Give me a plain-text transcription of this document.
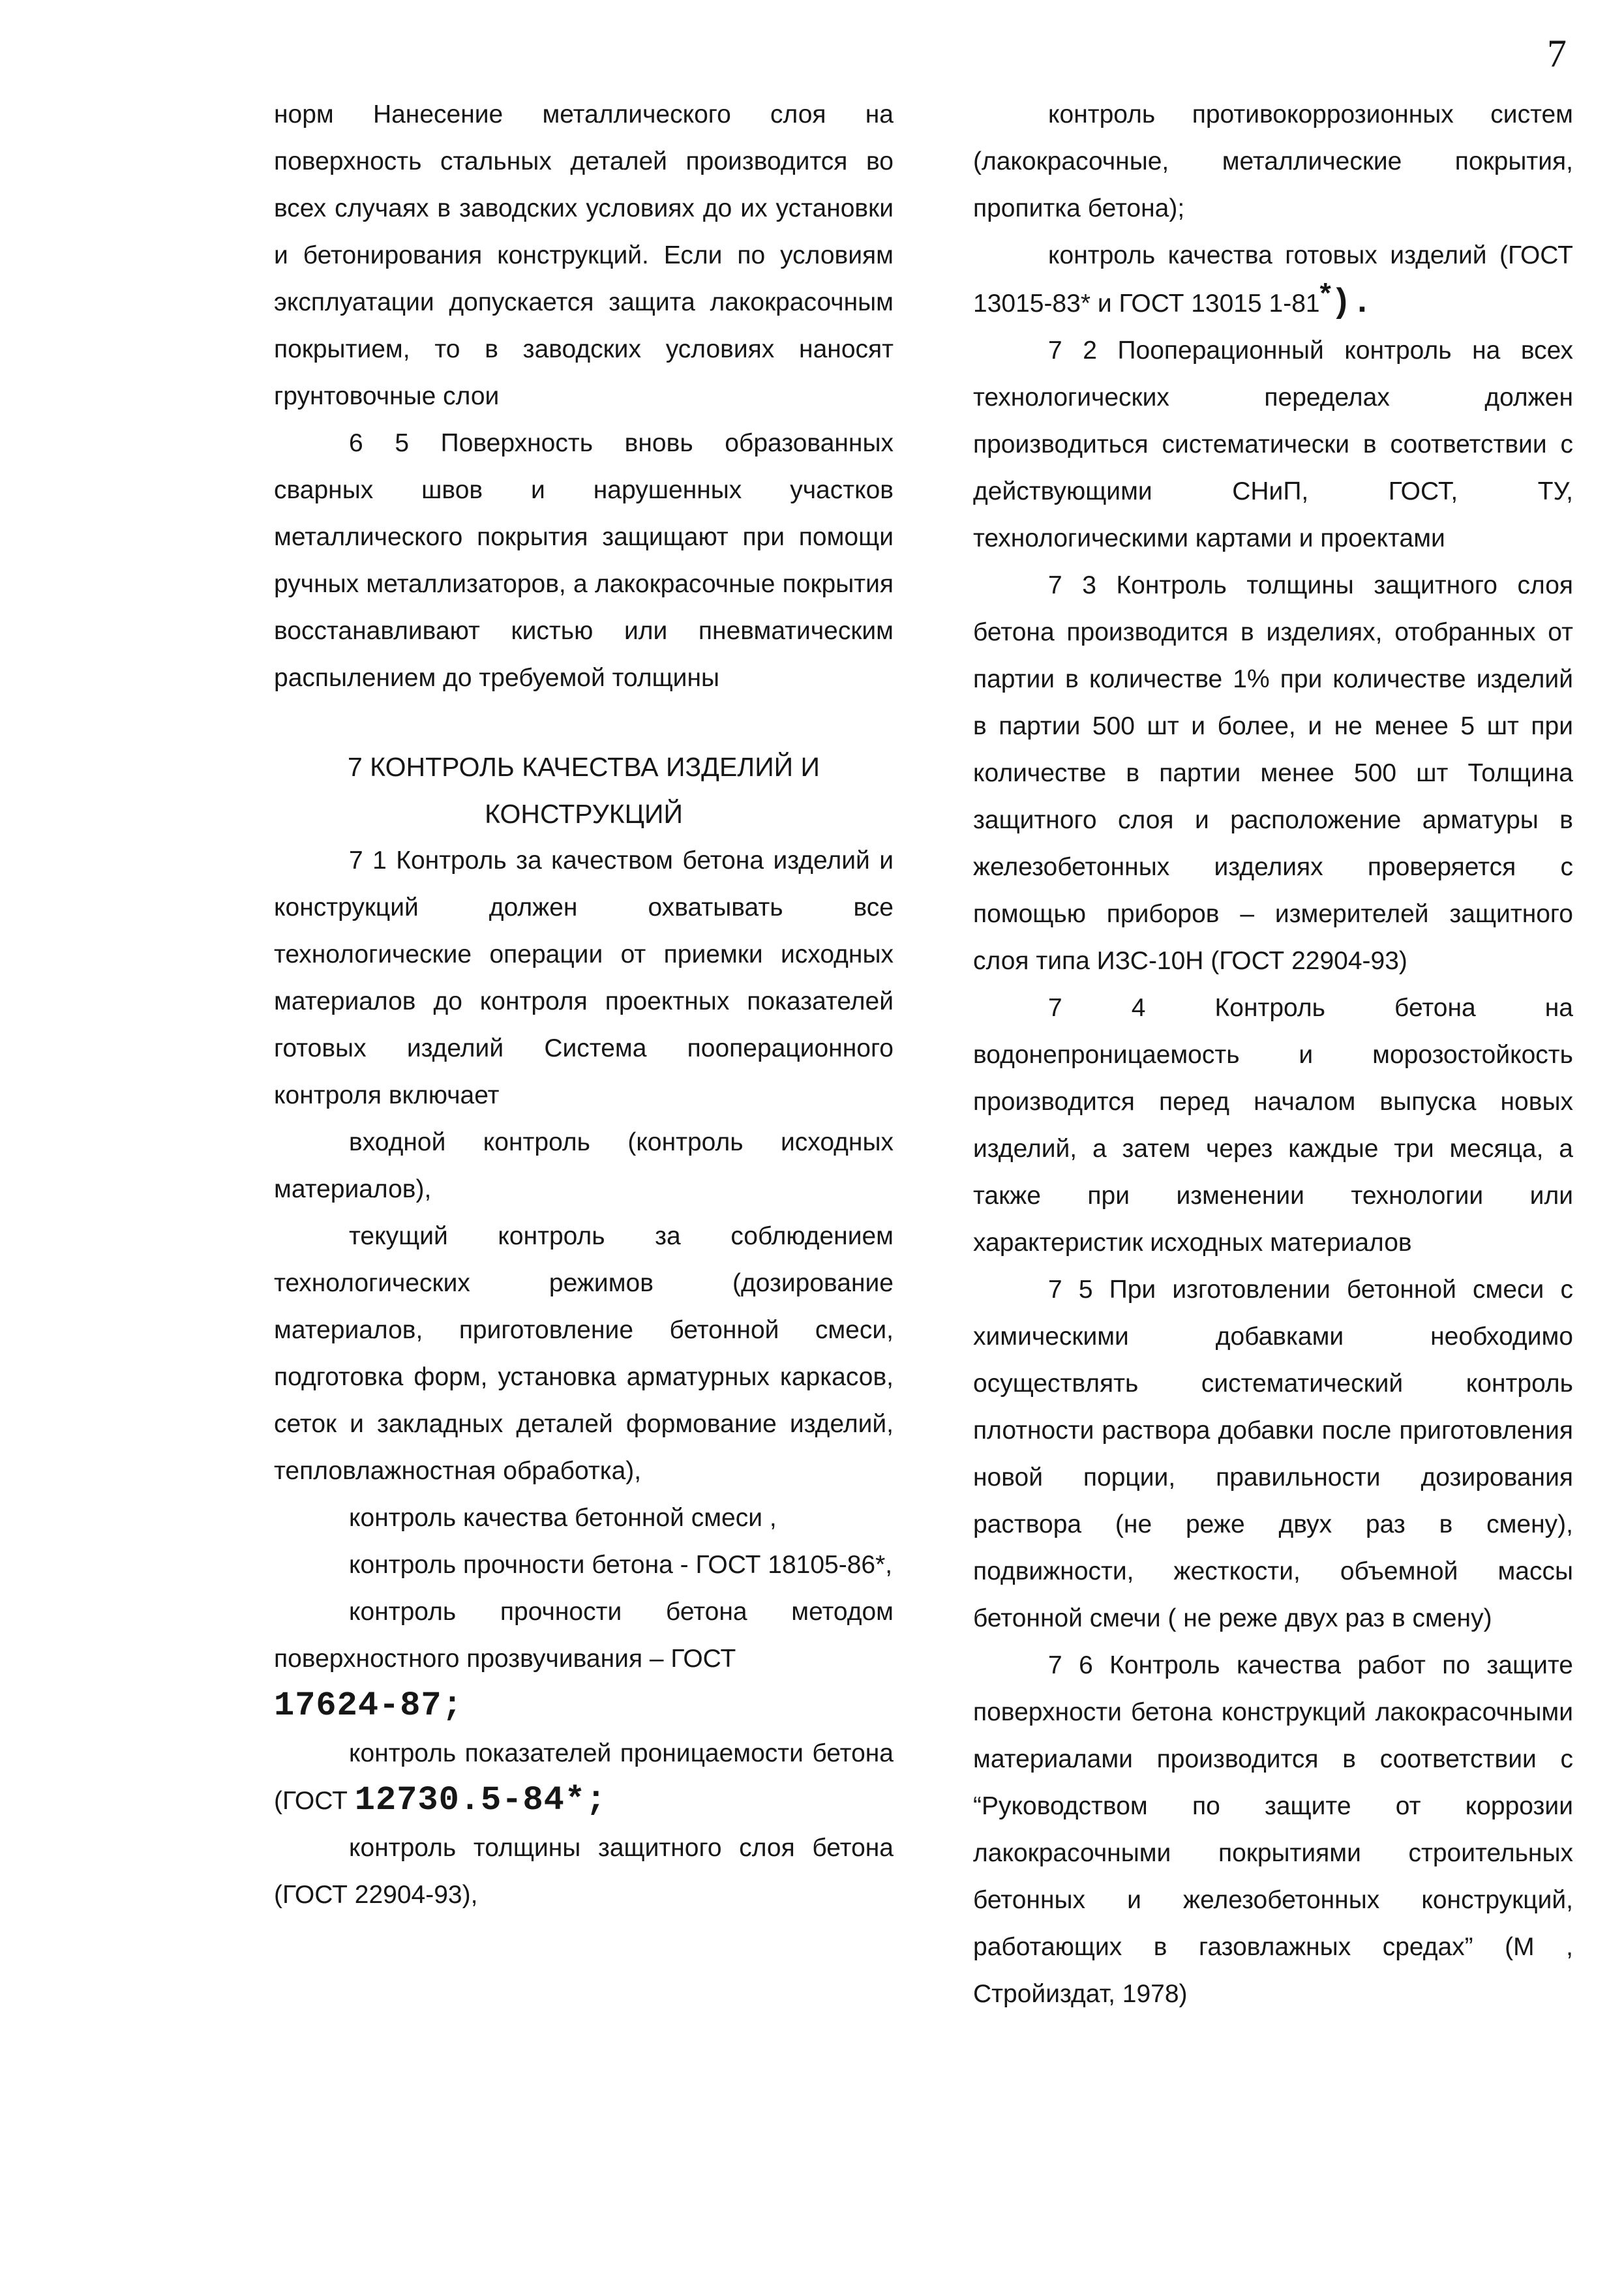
7

норм Нанесение металлического слоя на поверхность стальных деталей производится во всех случаях в заводских условиях до их установки и бетонирования конструкций. Если по условиям эксплуатации допускается защита лакокрасочным покрытием, то в заводских условиях наносят грунтовочные слои

6 5 Поверхность вновь образованных сварных швов и нарушенных участков металлического покрытия защищают при помощи ручных металлизаторов, а лакокрасочные покрытия восстанавливают кистью или пневматическим распылением до требуемой толщины

7 КОНТРОЛЬ КАЧЕСТВА ИЗДЕЛИЙ И КОНСТРУКЦИЙ

7 1 Контроль за качеством бетона изделий и конструкций должен охватывать все технологические операции от приемки исходных материалов до контроля проектных показателей готовых изделий Система пооперационного контроля включает

входной контроль (контроль исходных материалов),

текущий контроль за соблюдением технологических режимов (дозирование материалов, приготовление бетонной смеси, подготовка форм, установка арматурных каркасов, сеток и закладных деталей формование изделий, тепловлажностная обработка),

контроль качества бетонной смеси ,

контроль прочности бетона - ГОСТ 18105-86*,

контроль прочности бетона методом поверхностного прозвучивания – ГОСТ
17624-87;

контроль показателей проницаемости бетона (ГОСТ 12730.5-84*;

контроль толщины защитного слоя бетона (ГОСТ 22904-93),

контроль противокоррозионных систем (лакокрасочные, металлические покрытия, пропитка бетона);

контроль качества готовых изделий (ГОСТ 13015-83* и ГОСТ 13015 1-81*).

7 2 Пооперационный контроль на всех технологических переделах должен производиться систематически в соответствии с действующими СНиП, ГОСТ, ТУ, технологическими картами и проектами

7 3 Контроль толщины защитного слоя бетона производится в изделиях, отобранных от партии в количестве 1% при количестве изделий в партии 500 шт и более, и не менее 5 шт при количестве в партии менее 500 шт Толщина защитного слоя и расположение арматуры в железобетонных изделиях проверяется с помощью приборов – измерителей защитного слоя типа ИЗС-10Н (ГОСТ 22904-93)

7 4 Контроль бетона на водонепроницаемость и морозостойкость производится перед началом выпуска новых изделий, а затем через каждые три месяца, а также при изменении технологии или характеристик исходных материалов

7 5 При изготовлении бетонной смеси с химическими добавками необходимо осуществлять систематический контроль плотности раствора добавки после приготовления новой порции, правильности дозирования раствора (не реже двух раз в смену), подвижности, жесткости, объемной массы бетонной смечи ( не реже двух раз в смену)

7 6 Контроль качества работ по защите поверхности бетона конструкций лакокрасочными материалами производится в соответствии с “Руководством по защите от коррозии лакокрасочными покрытиями строительных бетонных и железобетонных конструкций, работающих в газовлажных средах” (М , Стройиздат, 1978)
